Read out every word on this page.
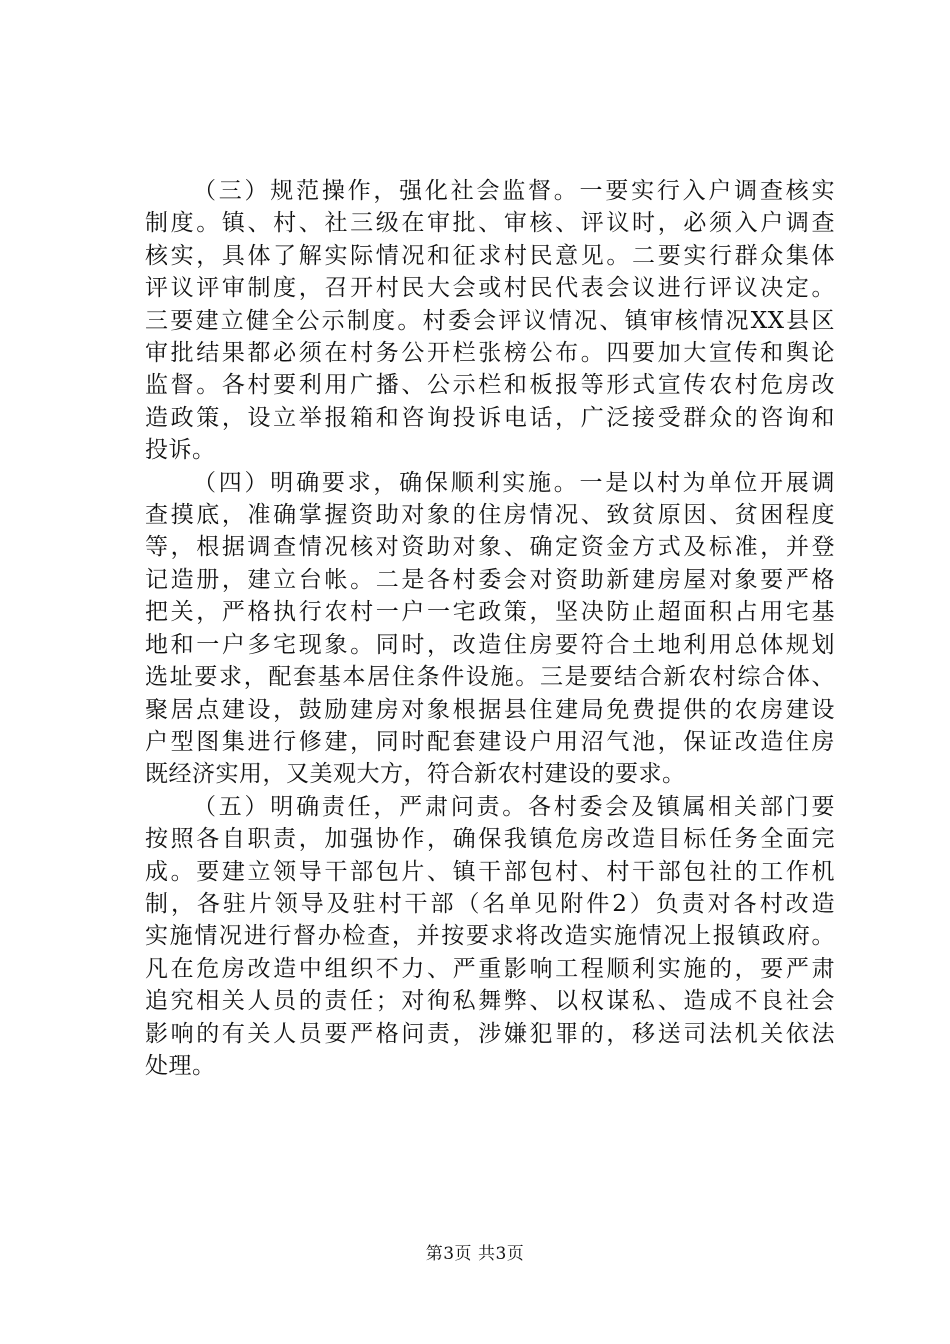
（三）规范操作，强化社会监督。一要实行入户调查核实
制度。镇、村、社三级在审批、审核、评议时，必须入户调查
核实，具体了解实际情况和征求村民意见。二要实行群众集体
评议评审制度，召开村民大会或村民代表会议进行评议决定。
三要建立健全公示制度。村委会评议情况、镇审核情况XX县区
审批结果都必须在村务公开栏张榜公布。四要加大宣传和舆论
监督。各村要利用广播、公示栏和板报等形式宣传农村危房改
造政策，设立举报箱和咨询投诉电话，广泛接受群众的咨询和
投诉。
（四）明确要求，确保顺利实施。一是以村为单位开展调
查摸底，准确掌握资助对象的住房情况、致贫原因、贫困程度
等，根据调查情况核对资助对象、确定资金方式及标准，并登
记造册，建立台帐。二是各村委会对资助新建房屋对象要严格
把关，严格执行农村一户一宅政策，坚决防止超面积占用宅基
地和一户多宅现象。同时，改造住房要符合土地利用总体规划
选址要求，配套基本居住条件设施。三是要结合新农村综合体、
聚居点建设，鼓励建房对象根据县住建局免费提供的农房建设
户型图集进行修建，同时配套建设户用沼气池，保证改造住房
既经济实用，又美观大方，符合新农村建设的要求。
（五）明确责任，严肃问责。各村委会及镇属相关部门要
按照各自职责，加强协作，确保我镇危房改造目标任务全面完
成。要建立领导干部包片、镇干部包村、村干部包社的工作机
制，各驻片领导及驻村干部（名单见附件2）负责对各村改造
实施情况进行督办检查，并按要求将改造实施情况上报镇政府。
凡在危房改造中组织不力、严重影响工程顺利实施的，要严肃
追究相关人员的责任；对徇私舞弊、以权谋私、造成不良社会
影响的有关人员要严格问责，涉嫌犯罪的，移送司法机关依法
处理。
第3页 共3页
